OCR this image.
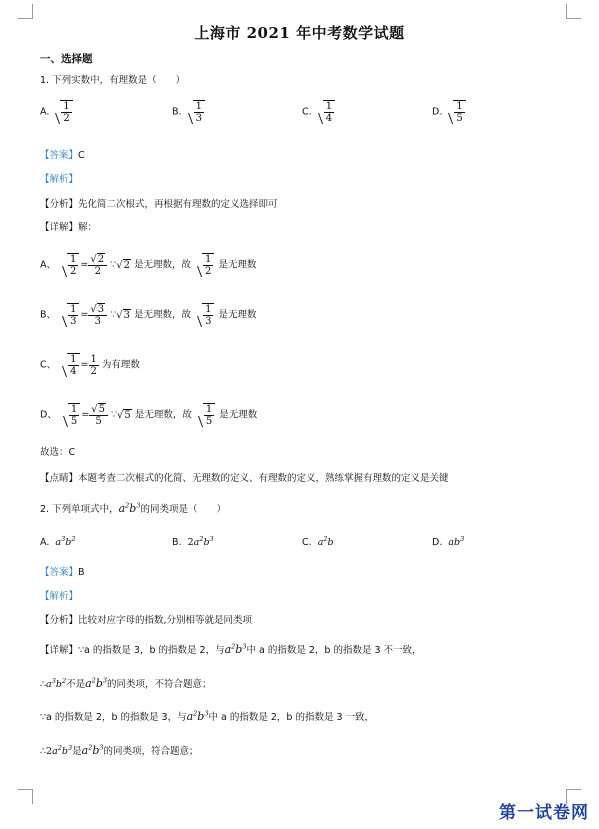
上海市 2021 年中考数学试题
一、选择题
1. 下列实数中，有理数是（　　）
A. $\frac{1}{2}$	B. $\frac{1}{3}$	C. $\frac{1}{4}$	D. $\frac{1}{5}$
【答案】C
【解析】
【分析】先化简二次根式，再根据有理数的定义选择即可
【详解】解：
A、 $\frac{1}{2} = \frac{√2}{2}$ ∵√2 是无理数，故 $\frac{1}{2}$ 是无理数
B、 $\frac{1}{3} = \frac{√3}{3}$ ∵√3 是无理数，故 $\frac{1}{3}$ 是无理数
C、 $\frac{1}{4} = \frac{1}{2}$ 为有理数
D、 $\frac{1}{5} = \frac{√5}{5}$ ∵√5 是无理数，故 $\frac{1}{5}$ 是无理数
故选：C
【点睛】本题考查二次根式的化简、无理数的定义、有理数的定义，熟练掌握有理数的定义是关键
2. 下列单项式中，$a^2b^3$的同类项是（　　）
A. $a^3b^2$	B. $2a^2b^3$	C. $a^2b$	D. $ab^3$
【答案】B
【解析】
【分析】比较对应字母的指数,分别相等就是同类项
【详解】∵a 的指数是 3，b 的指数是 2，与$a^2b^3$中 a 的指数是 2，b 的指数是 3 不一致，
$\therefore a^3b^2$不是$a^2b^3$的同类项，不符合题意；
∵a 的指数是 2，b 的指数是 3，与$a^2b^3$中 a 的指数是 2，b 的指数是 3 一致，
$\therefore 2a^2b^3$是$a^2b^3$的同类项，符合题意；
第一试卷网
